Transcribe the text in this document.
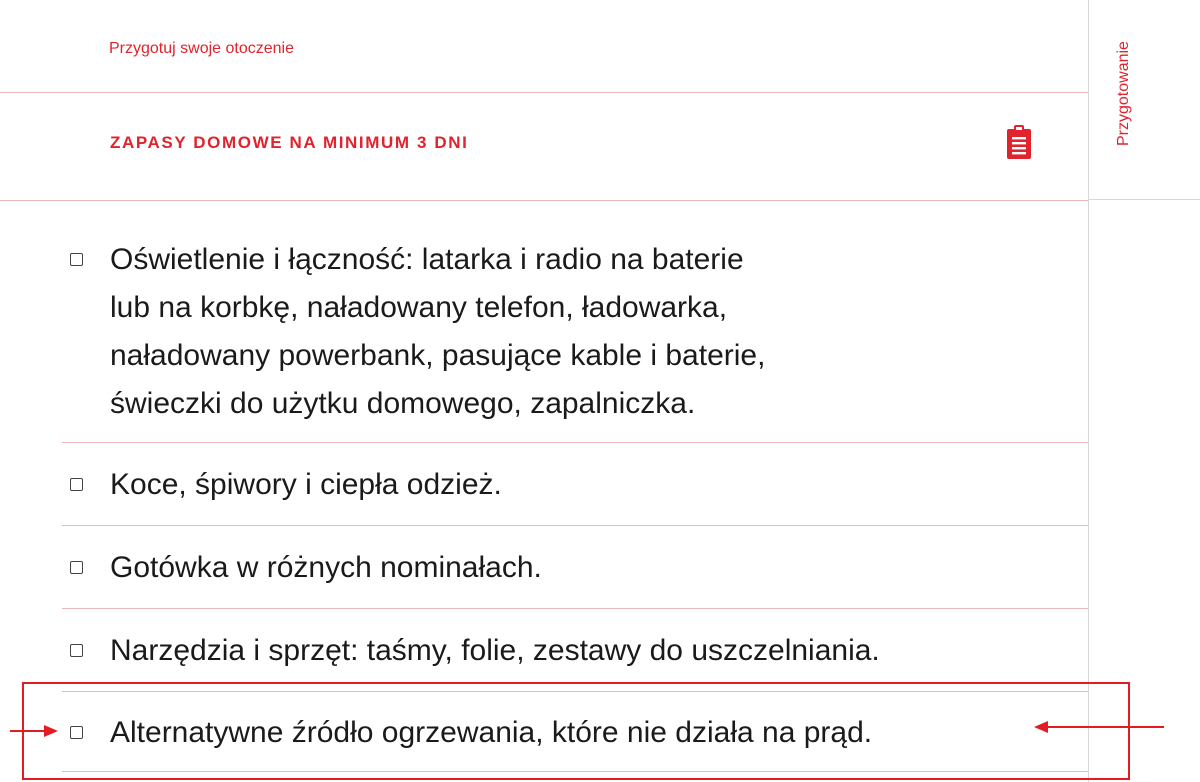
Przygotuj swoje otoczenie
ZAPASY DOMOWE NA MINIMUM 3 DNI
Oświetlenie i łączność: latarka i radio na baterie
lub na korbkę, naładowany telefon, ładowarka,
naładowany powerbank, pasujące kable i baterie,
świeczki do użytku domowego, zapalniczka.
Koce, śpiwory i ciepła odzież.
Gotówka w różnych nominałach.
Narzędzia i sprzęt: taśmy, folie, zestawy do uszczelniania.
Alternatywne źródło ogrzewania, które nie działa na prąd.
Przygotowanie
